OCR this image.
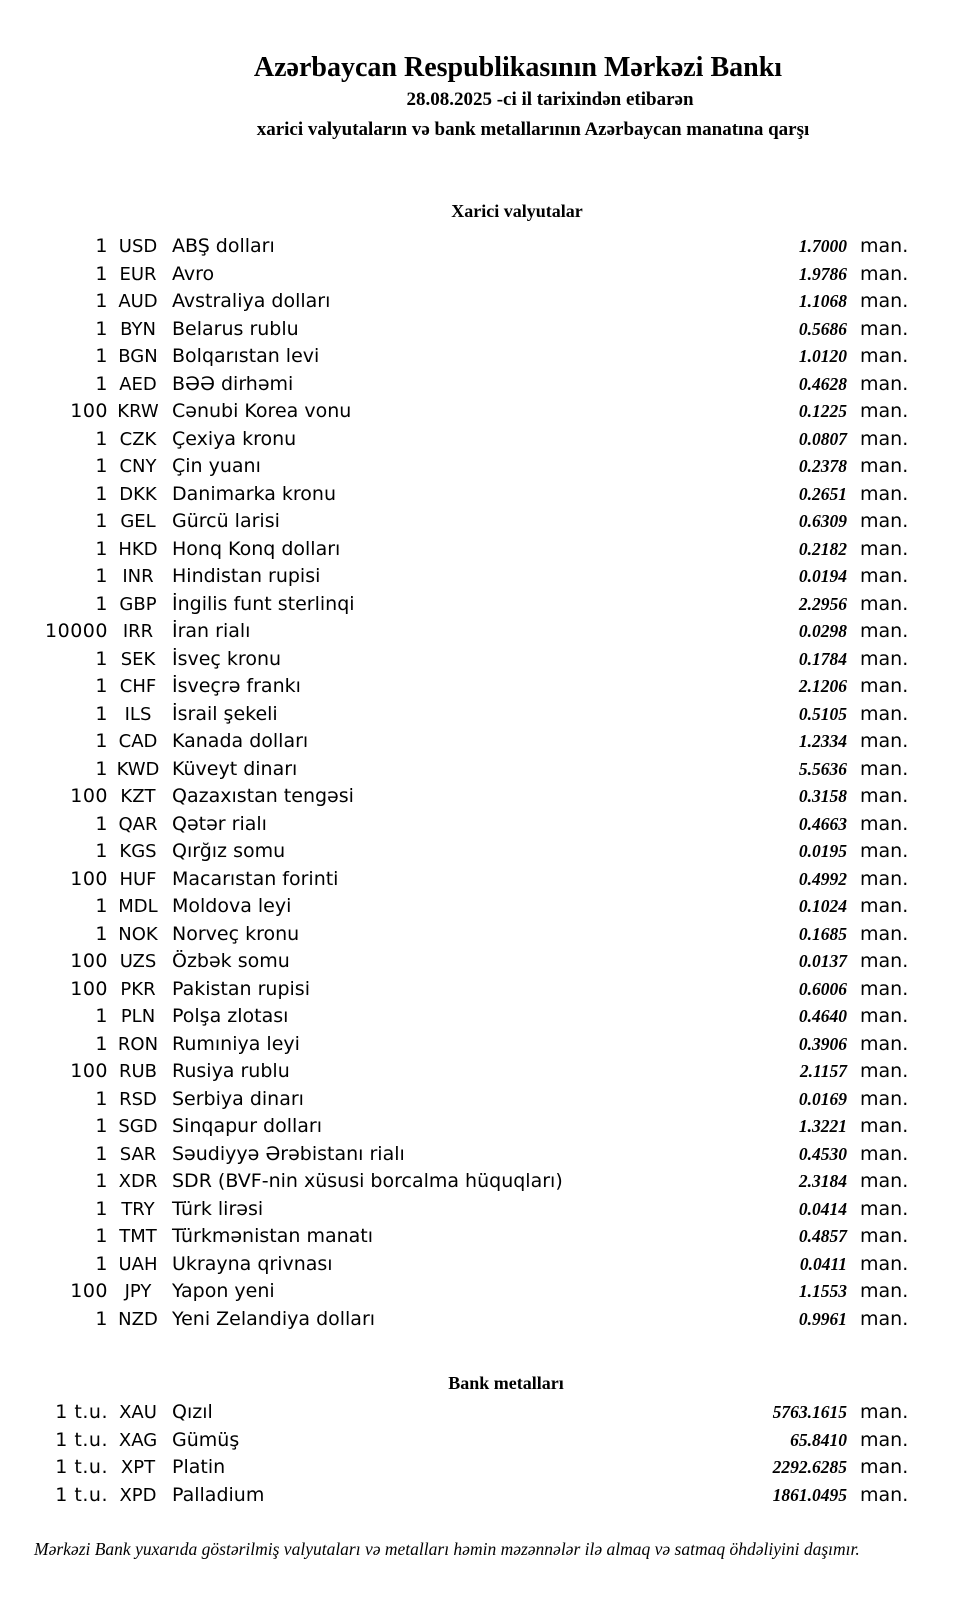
Azərbaycan Respublikasının Mərkəzi Bankı
28.08.2025 -ci il tarixindən etibarən
xarici valyutaların və bank metallarının Azərbaycan manatına qarşı
Xarici valyutalar
1 USD ABŞ dolları	1.7000 man.
1 EUR Avro	1.9786 man.
1 AUD Avstraliya dolları	1.1068 man.
1 BYN Belarus rublu	0.5686 man.
1 BGN Bolqarıstan levi	1.0120 man.
1 AED BƏƏ dirhəmi	0.4628 man.
100 KRW Cənubi Korea vonu	0.1225 man.
1 CZK Çexiya kronu	0.0807 man.
1 CNY Çin yuanı	0.2378 man.
1 DKK Danimarka kronu	0.2651 man.
1 GEL Gürcü larisi	0.6309 man.
1 HKD Honq Konq dolları	0.2182 man.
1 INR Hindistan rupisi	0.0194 man.
1 GBP İngilis funt sterlinqi	2.2956 man.
10000 IRR İran rialı	0.0298 man.
1 SEK İsveç kronu	0.1784 man.
1 CHF İsveçrə frankı	2.1206 man.
1 ILS	İsrail şekeli	0.5105 man.
1 CAD Kanada dolları	1.2334 man.
1 KWD Küveyt dinarı	5.5636 man.
100 KZT Qazaxıstan tengəsi	0.3158 man.
1 QAR Qətər rialı	0.4663 man.
1 KGS Qırğız somu	0.0195 man.
100 HUF Macarıstan forinti	0.4992 man.
1 MDL Moldova leyi	0.1024 man.
1 NOK Norveç kronu	0.1685 man.
100 UZS Özbək somu	0.0137 man.
100 PKR Pakistan rupisi	0.6006 man.
1 PLN Polşa zlotası	0.4640 man.
1 RON Rumıniya leyi	0.3906 man.
100 RUB Rusiya rublu	2.1157 man.
1 RSD Serbiya dinarı	0.0169 man.
1 SGD Sinqapur dolları	1.3221 man.
1 SAR Səudiyyə Ərəbistanı rialı	0.4530 man.
1 XDR SDR (BVF-nin xüsusi borcalma hüquqları)	2.3184 man.
1 TRY Türk lirəsi	0.0414 man.
1 TMT Türkmənistan manatı	0.4857 man.
1 UAH Ukrayna qrivnası	0.0411 man.
100 JPY	Yapon yeni	1.1553 man.
1 NZD Yeni Zelandiya dolları	0.9961 man.
Bank metalları
1 t.u. XAU Qızıl	5763.1615 man.
1 t.u. XAG Gümüş	65.8410 man.
1 t.u. XPT Platin	2292.6285 man.
1 t.u. XPD Palladium	1861.0495 man.
Mərkəzi Bank yuxarıda göstərilmiş valyutaları və metalları həmin məzənnələr ilə almaq və satmaq öhdəliyini daşımır.
